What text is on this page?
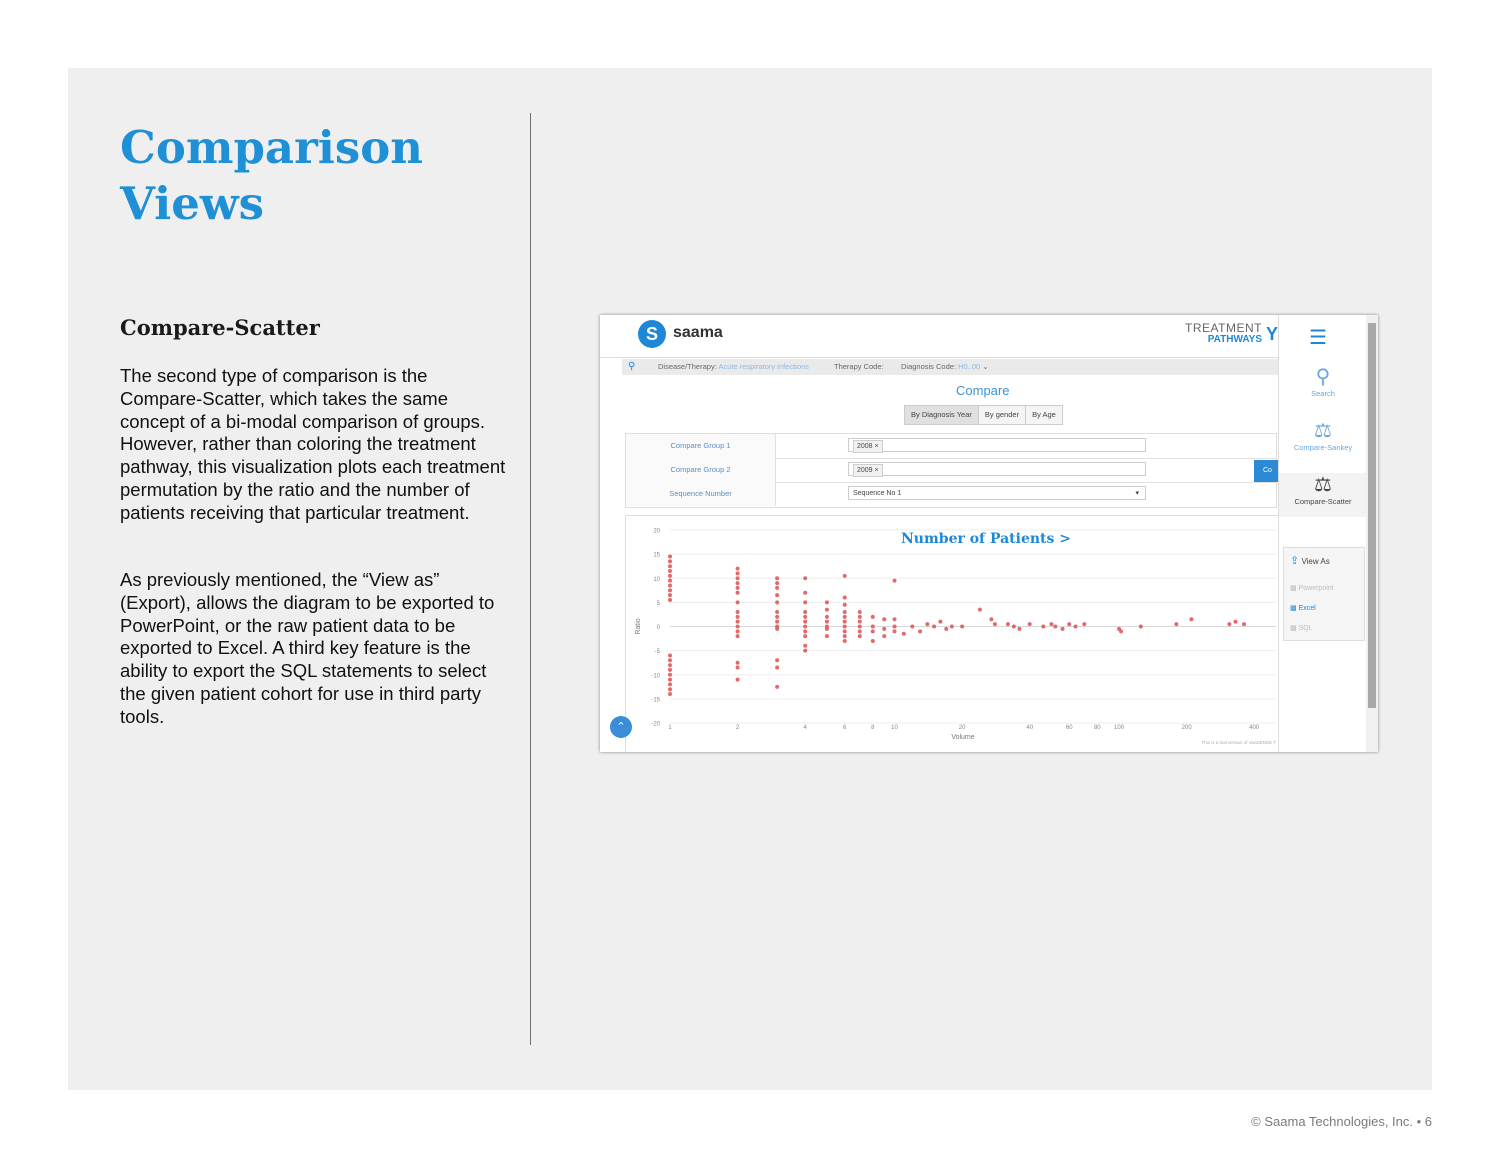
Comparison
Views
Compare-Scatter

The second type of comparison is the Compare-Scatter, which takes the same concept of a bi-modal comparison of groups. However, rather than coloring the treatment pathway, this visualization plots each treatment permutation by the ratio and the number of patients receiving that particular treatment.

As previously mentioned, the “View as” (Export), allows the diagram to be exported to PowerPoint, or the raw patient data to be exported to Excel. A third key feature is the ability to export the SQL statements to select the given patient cohort for use in third party tools.

© Saama Technologies, Inc. • 6
S saama	TREATMENT
PATHWAYS Y
⚲	Disease/Therapy: Acute respiratory infections	Therapy Code: Diagnosis Code: H0..00 ⌄
Compare
By Diagnosis Year	By gender	By Age
Compare Group 1	2008 ×
Compare Group 2	2009 ×
Sequence Number	Sequence No 1	▾
Co
20
15
10
5
0
-5
-10
-15
-20
1	2	4	6	8	10	20	40	60	80 100	200	400
Volume
Ratio
Number of Patients >
This is a trial version of vivaSENSE T
⌃
☰
⚲
Search
⚖
Compare-Sankey
⚖
Compare-Scatter
⇪ View As
▩ Powerpoint
▩ Excel
▩ SQL
